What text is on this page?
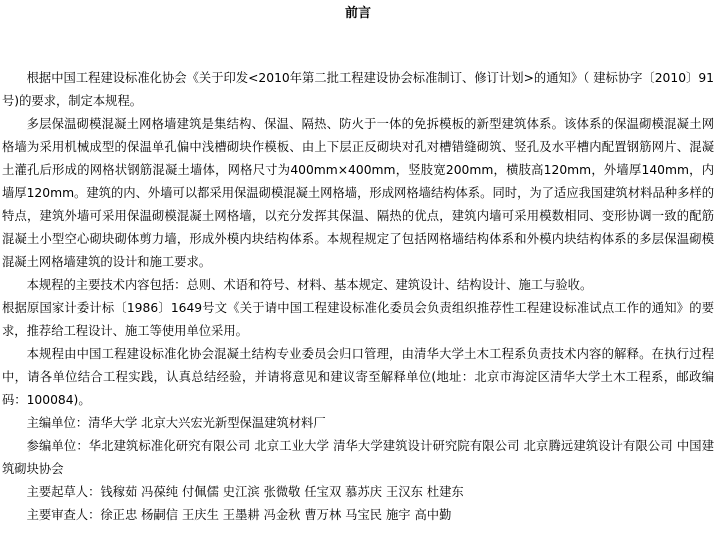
前言

根据中国工程建设标准化协会《关于印发<2010年第二批工程建设协会标准制订、修订计划>的通知》（ 建标协字〔2010〕91号)的要求，制定本规程。

多层保温砌模混凝土网格墙建筑是集结构、保温、隔热、防火于一体的免拆模板的新型建筑体系。该体系的保温砌模混凝土网格墙为采用机械成型的保温单孔偏中浅槽砌块作模板、由上下层正反砌块对孔对槽错缝砌筑、竖孔及水平槽内配置钢筋网片、混凝土灌孔后形成的网格状钢筋混凝土墙体，网格尺寸为400mm×400mm，竖肢宽200mm，横肢高120mm，外墙厚140mm，内墙厚120mm。建筑的内、外墙可以都采用保温砌模混凝土网格墙，形成网格墙结构体系。同时，为了适应我国建筑材料品种多样的特点，建筑外墙可采用保温砌模混凝土网格墙，以充分发挥其保温、隔热的优点，建筑内墙可采用模数相同、变形协调一致的配筋混凝土小型空心砌块砌体剪力墙，形成外模内块结构体系。本规程规定了包括网格墙结构体系和外模内块结构体系的多层保温砌模混凝土网格墙建筑的设计和施工要求。

本规程的主要技术内容包括：总则、术语和符号、材料、基本规定、建筑设计、结构设计、施工与验收。

根据原国家计委计标〔1986〕1649号文《关于请中国工程建设标准化委员会负责组织推荐性工程建设标准试点工作的通知》的要求，推荐给工程设计、施工等使用单位采用。

本规程由中国工程建设标准化协会混凝土结构专业委员会归口管理，由清华大学土木工程系负责技术内容的解释。在执行过程中，请各单位结合工程实践，认真总结经验，并请将意见和建议寄至解释单位(地址：北京市海淀区清华大学土木工程系，邮政编码：100084)。

主编单位：清华大学 北京大兴宏光新型保温建筑材料厂

参编单位：华北建筑标准化研究有限公司 北京工业大学 清华大学建筑设计研究院有限公司 北京腾远建筑设计有限公司 中国建筑砌块协会

主要起草人：钱稼茹 冯葆纯 付佩儒 史江滨 张微敬 任宝双 慕苏庆 王汉东 杜建东

主要审查人：徐正忠 杨嗣信 王庆生 王墨耕 冯金秋 曹万林 马宝民 施宇 高中勤
